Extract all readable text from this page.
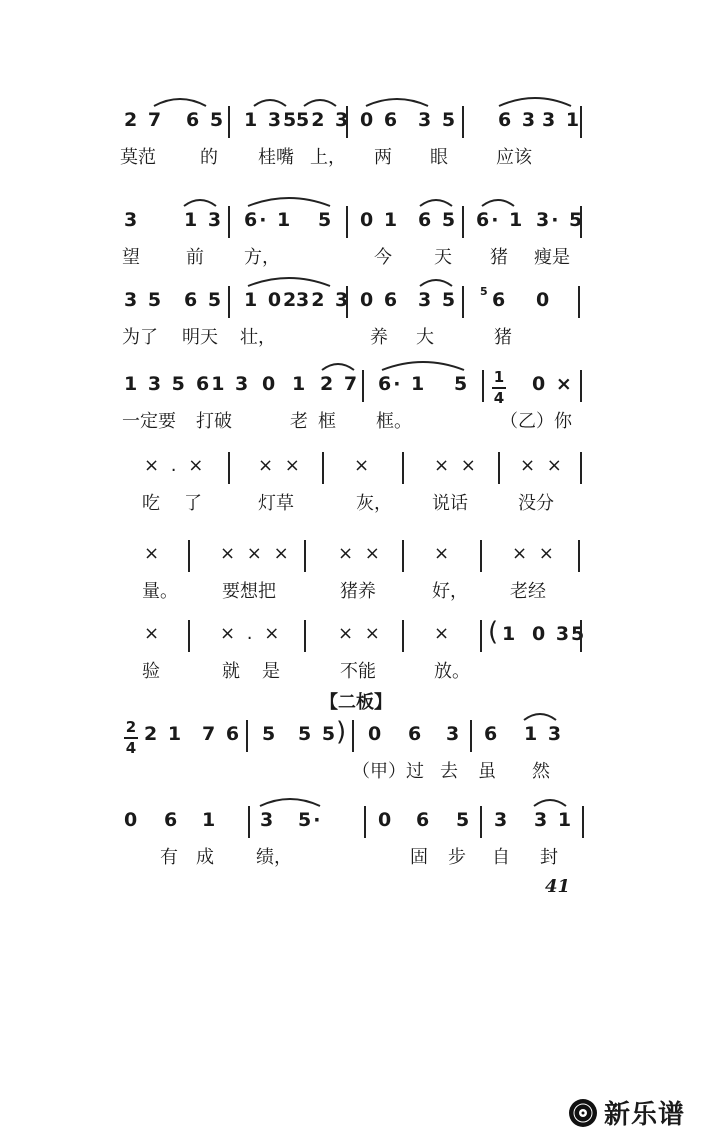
2 7 6 5 1 35
52 3 0 6 3 5 6 3 3 1
莫范 的 桂嘴 上， 两 眼	应该
3 1 3 6· 1 5 0 1 6 5 6· 1 3· 5
望	前 方，	今 天 猪 瘦是
3 5 6 5 1 02
32 3 0 6 3 5 5 6 0
为了 明天 壮，	养 大	猪
1 3 5 61 3 0 1 2 7 6· 1 5 1
4
0 ×
一定要 打破	老 框 框。	（乙）你
× . ×	× ×	×	× × × ×
吃 了	灯草	灰， 说话	没分
×	× × ×	× ×	×	× ×
量。 要想把	猪养	好， 老经
×	× . ×	× ×	× ( 1 0 35
验	就 是	不能	放。
【二板】
2
4
2 1 7 6 5 5 5
) 0 6 3 6 1 3
（甲）过 去 虽 然
0 6 1 3 5·	0 6 5 3 3 1
有 成 绩，	固 步 自 封
41
新乐谱
